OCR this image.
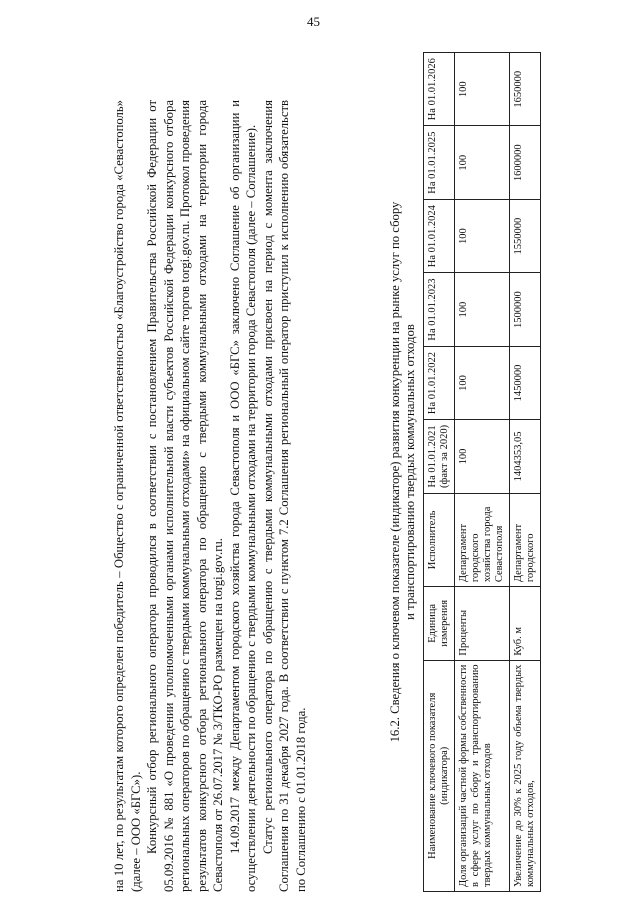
45

на 10 лет, по результатам которого определен победитель – Общество с ограниченной ответственностью «Благоустройство города «Севастополь» (далее – ООО «БГС»). Конкурсный отбор регионального оператора проводился в соответствии с постановлением Правительства Российской Федерации от 05.09.2016 № 881 «О проведении уполномоченными органами исполнительной власти субъектов Российской Федерации конкурсного отбора региональных операторов по обращению с твердыми коммунальными отходами» на официальном сайте торгов torgi.gov.ru. Протокол проведения результатов конкурсного отбора регионального оператора по обращению с твердыми коммунальными отходами на территории города Севастополя от 26.07.2017 № 3/ТКО-РО размещен на torgi.gov.ru. 14.09.2017 между Департаментом городского хозяйства города Севастополя и ООО «БГС» заключено Соглашение об организации и осуществлении деятельности по обращению с твердыми коммунальными отходами на территории города Севастополя (далее – Соглашение). Статус регионального оператора по обращению с твердыми коммунальными отходами присвоен на период с момента заключения Соглашения по 31 декабря 2027 года. В соответствии с пунктом 7.2 Соглашения региональный оператор приступил к исполнению обязательств по Соглашению с 01.01.2018 года.

16.2. Сведения о ключевом показателе (индикаторе) развития конкуренции на рынке услуг по сбору и транспортированию твердых коммунальных отходов
Наименование ключевого показателя (индикатора)	Единица измерения	Исполнитель	На 01.01.2021 (факт за 2020)	На 01.01.2022	На 01.01.2023	На 01.01.2024	На 01.01.2025	На 01.01.2026
Доля организаций частной формы собственности в сфере услуг по сбору и транспортированию твердых коммунальных отходов	Проценты	Департамент городского хозяйства города Севастополя	100	100	100	100	100	100
Увеличение до 30% к 2025 году объема твердых коммунальных отходов,	Куб. м	Департамент городского	1404353,05	1450000	1500000	1550000	1600000	1650000
